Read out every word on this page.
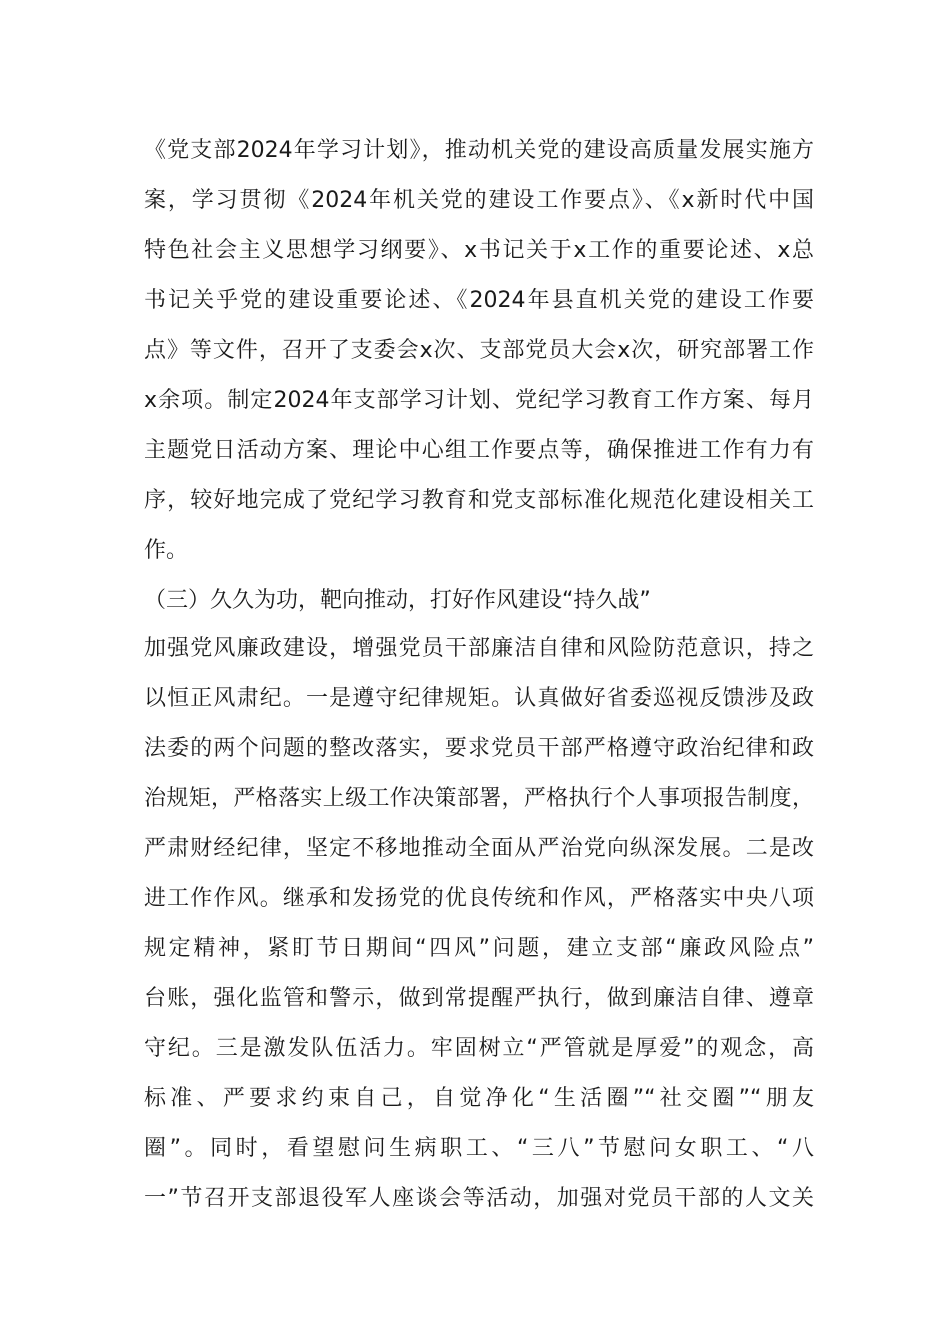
《党支部2024年学习计划》，推动机关党的建设高质量发展实施方
案，学习贯彻《2024年机关党的建设工作要点》、《x新时代中国
特色社会主义思想学习纲要》、x书记关于x工作的重要论述、x总
书记关乎党的建设重要论述、《2024年县直机关党的建设工作要
点》等文件，召开了支委会x次、支部党员大会x次，研究部署工作
x余项。制定2024年支部学习计划、党纪学习教育工作方案、每月
主题党日活动方案、理论中心组工作要点等，确保推进工作有力有
序，较好地完成了党纪学习教育和党支部标准化规范化建设相关工
作。
（三）久久为功，靶向推动，打好作风建设“持久战”
加强党风廉政建设，增强党员干部廉洁自律和风险防范意识，持之
以恒正风肃纪。一是遵守纪律规矩。认真做好省委巡视反馈涉及政
法委的两个问题的整改落实，要求党员干部严格遵守政治纪律和政
治规矩，严格落实上级工作决策部署，严格执行个人事项报告制度，
严肃财经纪律，坚定不移地推动全面从严治党向纵深发展。二是改
进工作作风。继承和发扬党的优良传统和作风，严格落实中央八项
规定精神，紧盯节日期间“四风”问题，建立支部“廉政风险点”
台账，强化监管和警示，做到常提醒严执行，做到廉洁自律、遵章
守纪。三是激发队伍活力。牢固树立“严管就是厚爱”的观念，高
标准、严要求约束自己，自觉净化“生活圈”“社交圈”“朋友
圈”。同时，看望慰问生病职工、“三八”节慰问女职工、“八
一”节召开支部退役军人座谈会等活动，加强对党员干部的人文关
